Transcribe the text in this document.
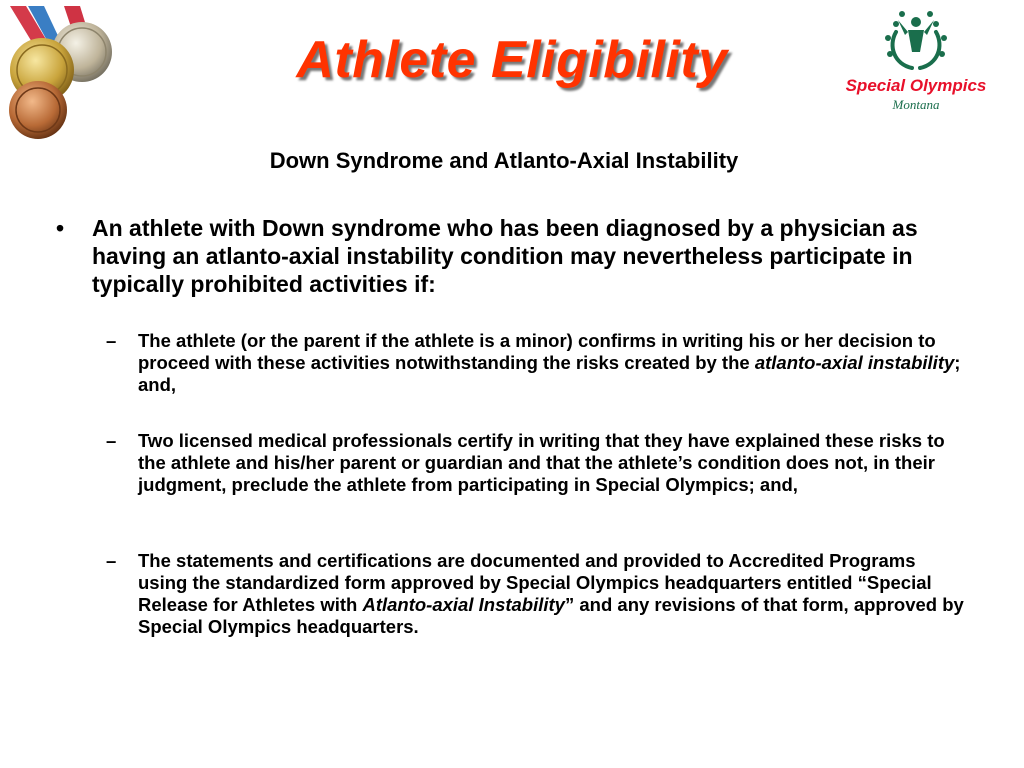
Athlete Eligibility	Special Olympics
Montana
Down Syndrome and Atlanto-Axial Instability
• An athlete with Down syndrome who has been diagnosed by a physician as having an atlanto-axial instability condition may nevertheless participate in typically prohibited activities if:
– The athlete (or the parent if the athlete is a minor) confirms in writing his or her decision to proceed with these activities notwithstanding the risks created by the atlanto-axial instability; and,
– Two licensed medical professionals certify in writing that they have explained these risks to the athlete and his/her parent or guardian and that the athlete’s condition does not, in their judgment, preclude the athlete from participating in Special Olympics; and,
– The statements and certifications are documented and provided to Accredited Programs using the standardized form approved by Special Olympics headquarters entitled “Special Release for Athletes with Atlanto-axial Instability” and any revisions of that form, approved by Special Olympics headquarters.
